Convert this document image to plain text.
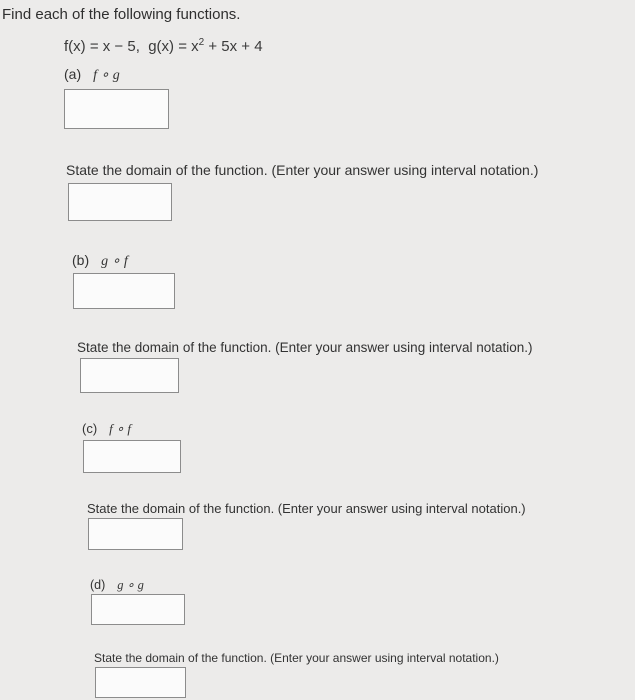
Find each of the following functions.
f(x) = x − 5, $g(x) = x^2 + 5x + 4$
(a) f ∘ g
State the domain of the function. (Enter your answer using interval notation.)
(b) g ∘ f
State the domain of the function. (Enter your answer using interval notation.)
(c) f ∘ f
State the domain of the function. (Enter your answer using interval notation.)
(d) g ∘ g
State the domain of the function. (Enter your answer using interval notation.)
